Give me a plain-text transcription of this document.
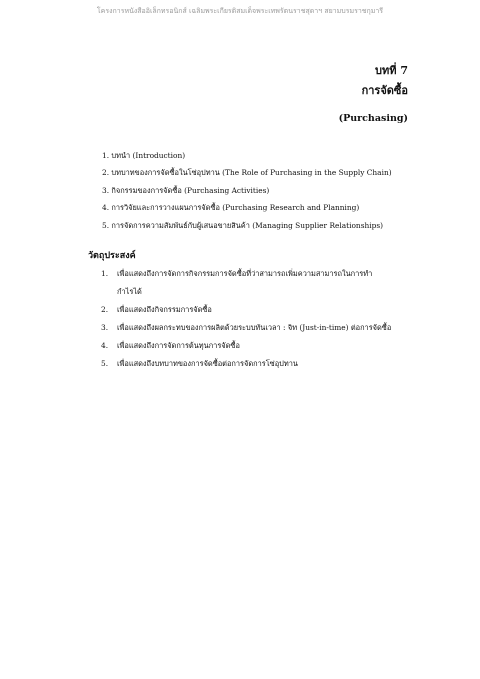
โครงการหนังสืออิเล็กทรอนิกส์ เฉลิมพระเกียรติสมเด็จพระเทพรัตนราชสุดาฯ สยามบรมราชกุมารี
บทที่ 7
การจัดซื้อ
(Purchasing)
1. บทนำ (Introduction)
2. บทบาทของการจัดซื้อในโซ่อุปทาน (The Role of Purchasing in the Supply Chain)
3. กิจกรรมของการจัดซื้อ (Purchasing Activities)
4. การวิจัยและการวางแผนการจัดซื้อ (Purchasing Research and Planning)
5. การจัดการความสัมพันธ์กับผู้เสนอขายสินค้า (Managing Supplier Relationships)
วัตถุประสงค์
1.	เพื่อแสดงถึงการจัดการกิจกรรมการจัดซื้อที่ว่าสามารถเพิ่มความสามารถในการทำ
กำไรได้
2.	เพื่อแสดงถึงกิจกรรมการจัดซื้อ
3.	เพื่อแสดงถึงผลกระทบของการผลิตด้วยระบบทันเวลา : จิท (Just-in-time) ต่อการจัดซื้อ
4.	เพื่อแสดงถึงการจัดการต้นทุนการจัดซื้อ
5.	เพื่อแสดงถึงบทบาทของการจัดซื้อต่อการจัดการโซ่อุปทาน
